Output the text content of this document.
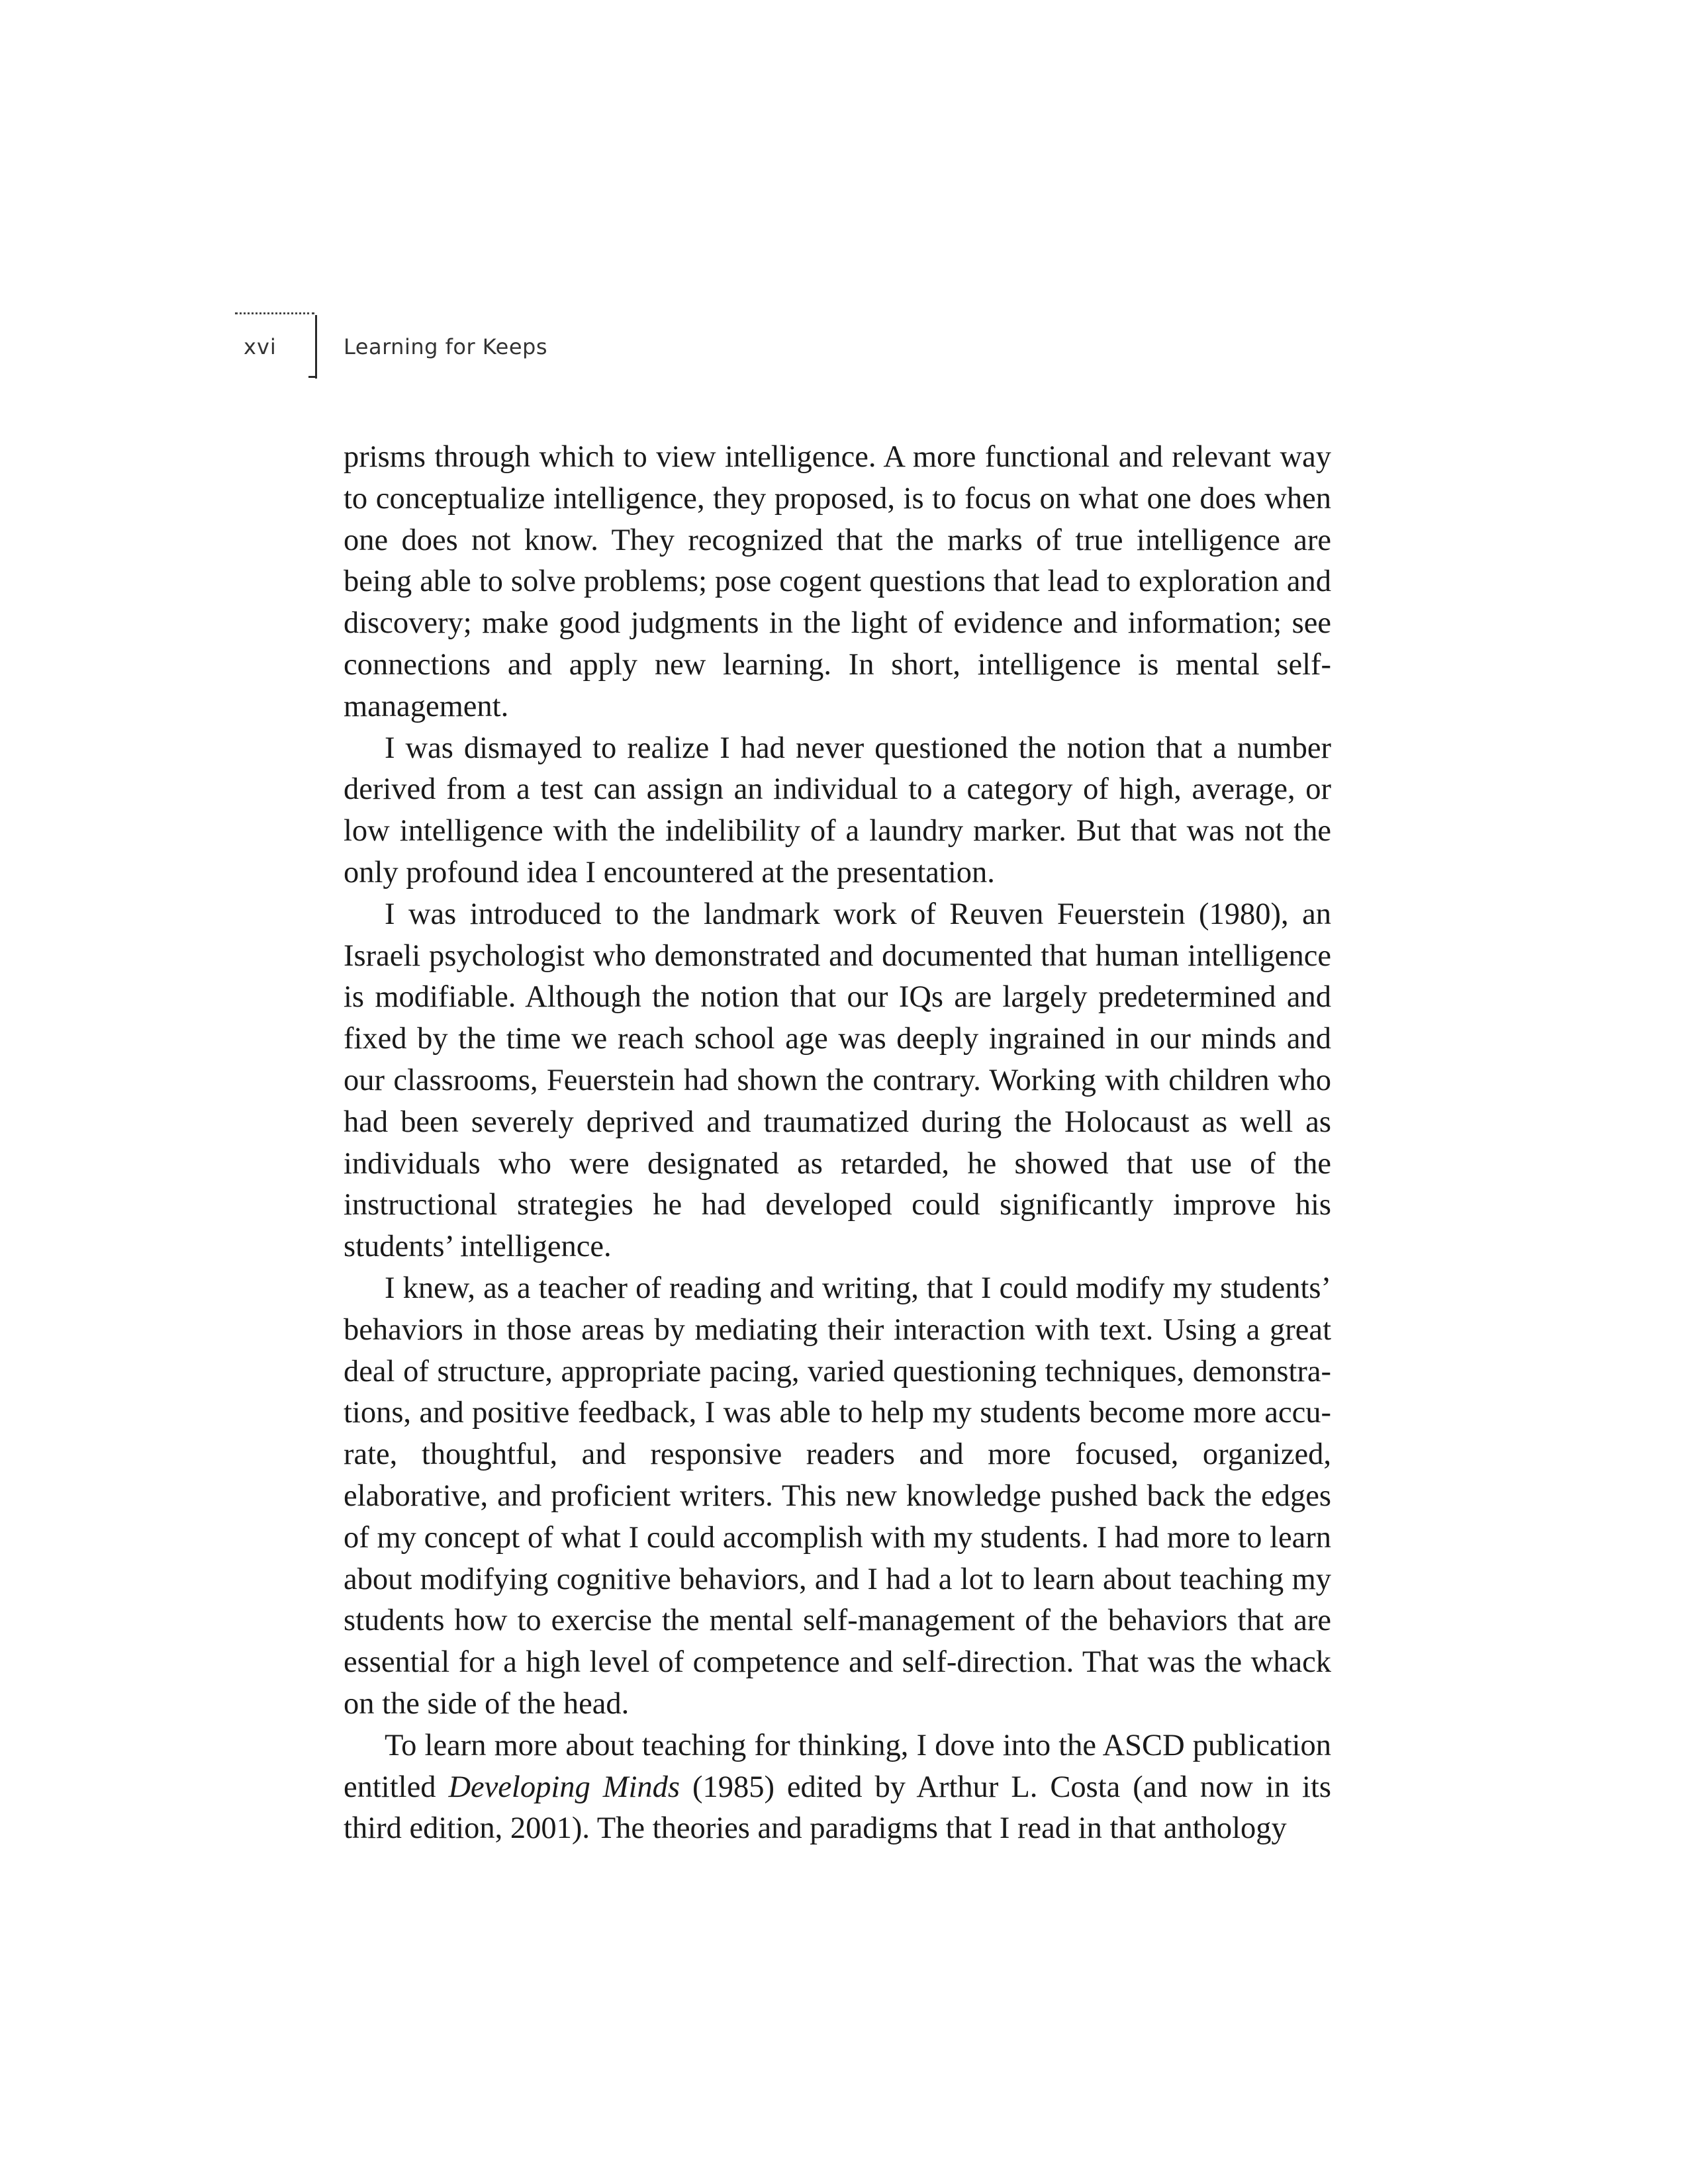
xvi	Learning for Keeps

prisms through which to view intelligence. A more functional and relevant way to conceptualize intelligence, they proposed, is to focus on what one does when one does not know. They recognized that the marks of true intelligence are being able to solve problems; pose cogent questions that lead to exploration and discovery; make good judgments in the light of evidence and information; see connections and apply new learning. In short, intelligence is mental self-management.

I was dismayed to realize I had never questioned the notion that a number derived from a test can assign an individual to a category of high, average, or low intelligence with the indelibility of a laundry marker. But that was not the only profound idea I encountered at the presentation.

I was introduced to the landmark work of Reuven Feuerstein (1980), an Israeli psychologist who demonstrated and documented that human intelligence is modifiable. Although the notion that our IQs are largely predetermined and fixed by the time we reach school age was deeply ingrained in our minds and our classrooms, Feuerstein had shown the contrary. Working with children who had been severely deprived and traumatized during the Holocaust as well as individuals who were designated as retarded, he showed that use of the instructional strategies he had developed could significantly improve his students’ intelligence.

I knew, as a teacher of reading and writing, that I could modify my students’ behaviors in those areas by mediating their interaction with text. Using a great deal of structure, appropriate pacing, varied questioning techniques, demonstrations, and positive feedback, I was able to help my students become more accurate, thoughtful, and responsive readers and more focused, organized, elaborative, and proficient writers. This new knowledge pushed back the edges of my concept of what I could accomplish with my students. I had more to learn about modifying cognitive behaviors, and I had a lot to learn about teaching my students how to exercise the mental self-management of the behaviors that are essential for a high level of competence and self-direction. That was the whack on the side of the head.

To learn more about teaching for thinking, I dove into the ASCD publication entitled Developing Minds (1985) edited by Arthur L. Costa (and now in its third edition, 2001). The theories and paradigms that I read in that anthology
